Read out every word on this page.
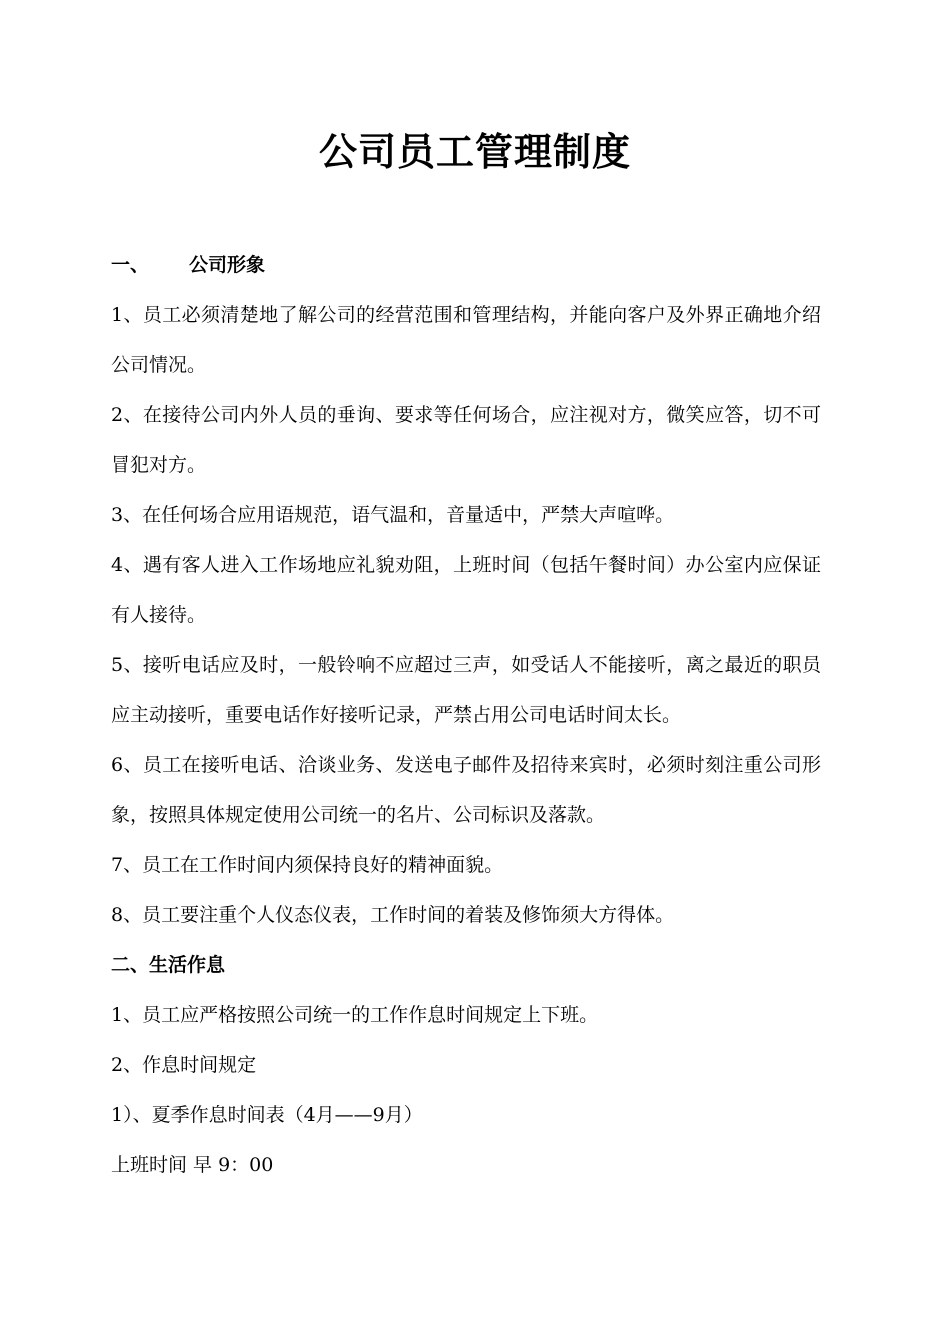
公司员工管理制度

一、 公司形象

1、员工必须清楚地了解公司的经营范围和管理结构，并能向客户及外界正确地介绍公司情况。

2、在接待公司内外人员的垂询、要求等任何场合，应注视对方，微笑应答，切不可冒犯对方。

3、在任何场合应用语规范，语气温和，音量适中，严禁大声喧哗。

4、遇有客人进入工作场地应礼貌劝阻，上班时间（包括午餐时间）办公室内应保证有人接待。

5、接听电话应及时，一般铃响不应超过三声，如受话人不能接听，离之最近的职员应主动接听，重要电话作好接听记录，严禁占用公司电话时间太长。

6、员工在接听电话、洽谈业务、发送电子邮件及招待来宾时，必须时刻注重公司形象，按照具体规定使用公司统一的名片、公司标识及落款。

7、员工在工作时间内须保持良好的精神面貌。

8、员工要注重个人仪态仪表，工作时间的着装及修饰须大方得体。

二、生活作息

1、员工应严格按照公司统一的工作作息时间规定上下班。

2、作息时间规定

1）、夏季作息时间表（4月——9月）

上班时间 早 9：00
